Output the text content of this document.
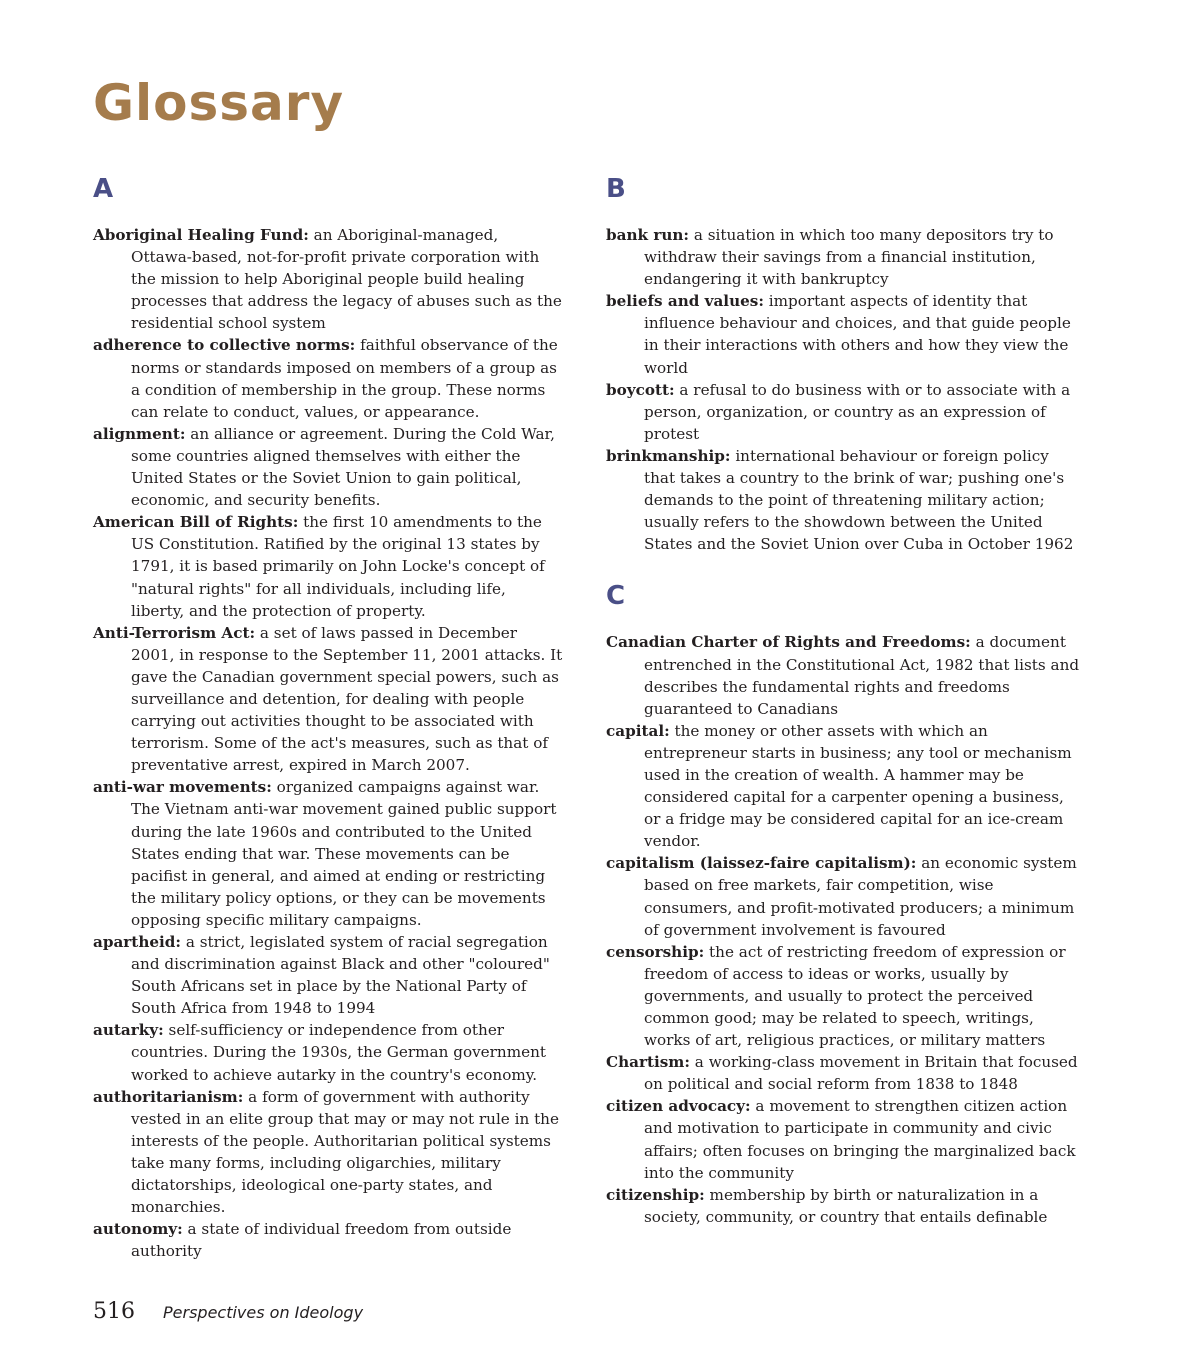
Glossary
A

Aboriginal Healing Fund: an Aboriginal-managed, Ottawa-based, not-for-profit private corporation with the mission to help Aboriginal people build healing processes that address the legacy of abuses such as the residential school system

adherence to collective norms: faithful observance of the norms or standards imposed on members of a group as a condition of membership in the group. These norms can relate to conduct, values, or appearance.

alignment: an alliance or agreement. During the Cold War, some countries aligned themselves with either the United States or the Soviet Union to gain political, economic, and security benefits.

American Bill of Rights: the first 10 amendments to the US Constitution. Ratified by the original 13 states by 1791, it is based primarily on John Locke's concept of "natural rights" for all individuals, including life, liberty, and the protection of property.

Anti-Terrorism Act: a set of laws passed in December 2001, in response to the September 11, 2001 attacks. It gave the Canadian government special powers, such as surveillance and detention, for dealing with people carrying out activities thought to be associated with terrorism. Some of the act's measures, such as that of preventative arrest, expired in March 2007.

anti-war movements: organized campaigns against war. The Vietnam anti-war movement gained public support during the late 1960s and contributed to the United States ending that war. These movements can be pacifist in general, and aimed at ending or restricting the military policy options, or they can be movements opposing specific military campaigns.

apartheid: a strict, legislated system of racial segregation and discrimination against Black and other "coloured" South Africans set in place by the National Party of South Africa from 1948 to 1994

autarky: self-sufficiency or independence from other countries. During the 1930s, the German government worked to achieve autarky in the country's economy.

authoritarianism: a form of government with authority vested in an elite group that may or may not rule in the interests of the people. Authoritarian political systems take many forms, including oligarchies, military dictatorships, ideological one-party states, and monarchies.

autonomy: a state of individual freedom from outside authority

B

bank run: a situation in which too many depositors try to withdraw their savings from a financial institution, endangering it with bankruptcy

beliefs and values: important aspects of identity that influence behaviour and choices, and that guide people in their interactions with others and how they view the world

boycott: a refusal to do business with or to associate with a person, organization, or country as an expression of protest

brinkmanship: international behaviour or foreign policy that takes a country to the brink of war; pushing one's demands to the point of threatening military action; usually refers to the showdown between the United States and the Soviet Union over Cuba in October 1962

C

Canadian Charter of Rights and Freedoms: a document entrenched in the Constitutional Act, 1982 that lists and describes the fundamental rights and freedoms guaranteed to Canadians

capital: the money or other assets with which an entrepreneur starts in business; any tool or mechanism used in the creation of wealth. A hammer may be considered capital for a carpenter opening a business, or a fridge may be considered capital for an ice-cream vendor.

capitalism (laissez-faire capitalism): an economic system based on free markets, fair competition, wise consumers, and profit-motivated producers; a minimum of government involvement is favoured

censorship: the act of restricting freedom of expression or freedom of access to ideas or works, usually by governments, and usually to protect the perceived common good; may be related to speech, writings, works of art, religious practices, or military matters

Chartism: a working-class movement in Britain that focused on political and social reform from 1838 to 1848

citizen advocacy: a movement to strengthen citizen action and motivation to participate in community and civic affairs; often focuses on bringing the marginalized back into the community

citizenship: membership by birth or naturalization in a society, community, or country that entails definable

516 Perspectives on Ideology
